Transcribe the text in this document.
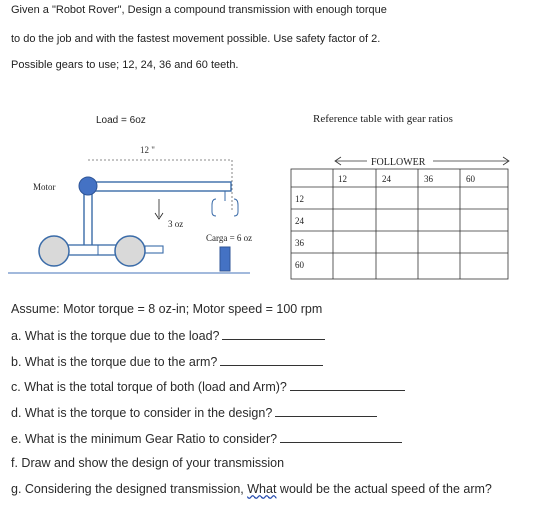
Given a "Robot Rover", Design a compound transmission with enough torque
to do the job and with the fastest movement possible. Use safety factor of 2.
Possible gears to use; 12, 24, 36 and 60 teeth.
Load = 6oz
12 "
Motor
3 oz
Carga = 6 oz
Reference table with gear ratios
FOLLOWER
12	24	36	60
12
24
36
60
Assume: Motor torque = 8 oz-in; Motor speed = 100 rpm
a. What is the torque due to the load?
b. What is the torque due to the arm?
c. What is the total torque of both (load and Arm)?
d. What is the torque to consider in the design?
e. What is the minimum Gear Ratio to consider?
f. Draw and show the design of your transmission
g. Considering the designed transmission, What would be the actual speed of the arm?
